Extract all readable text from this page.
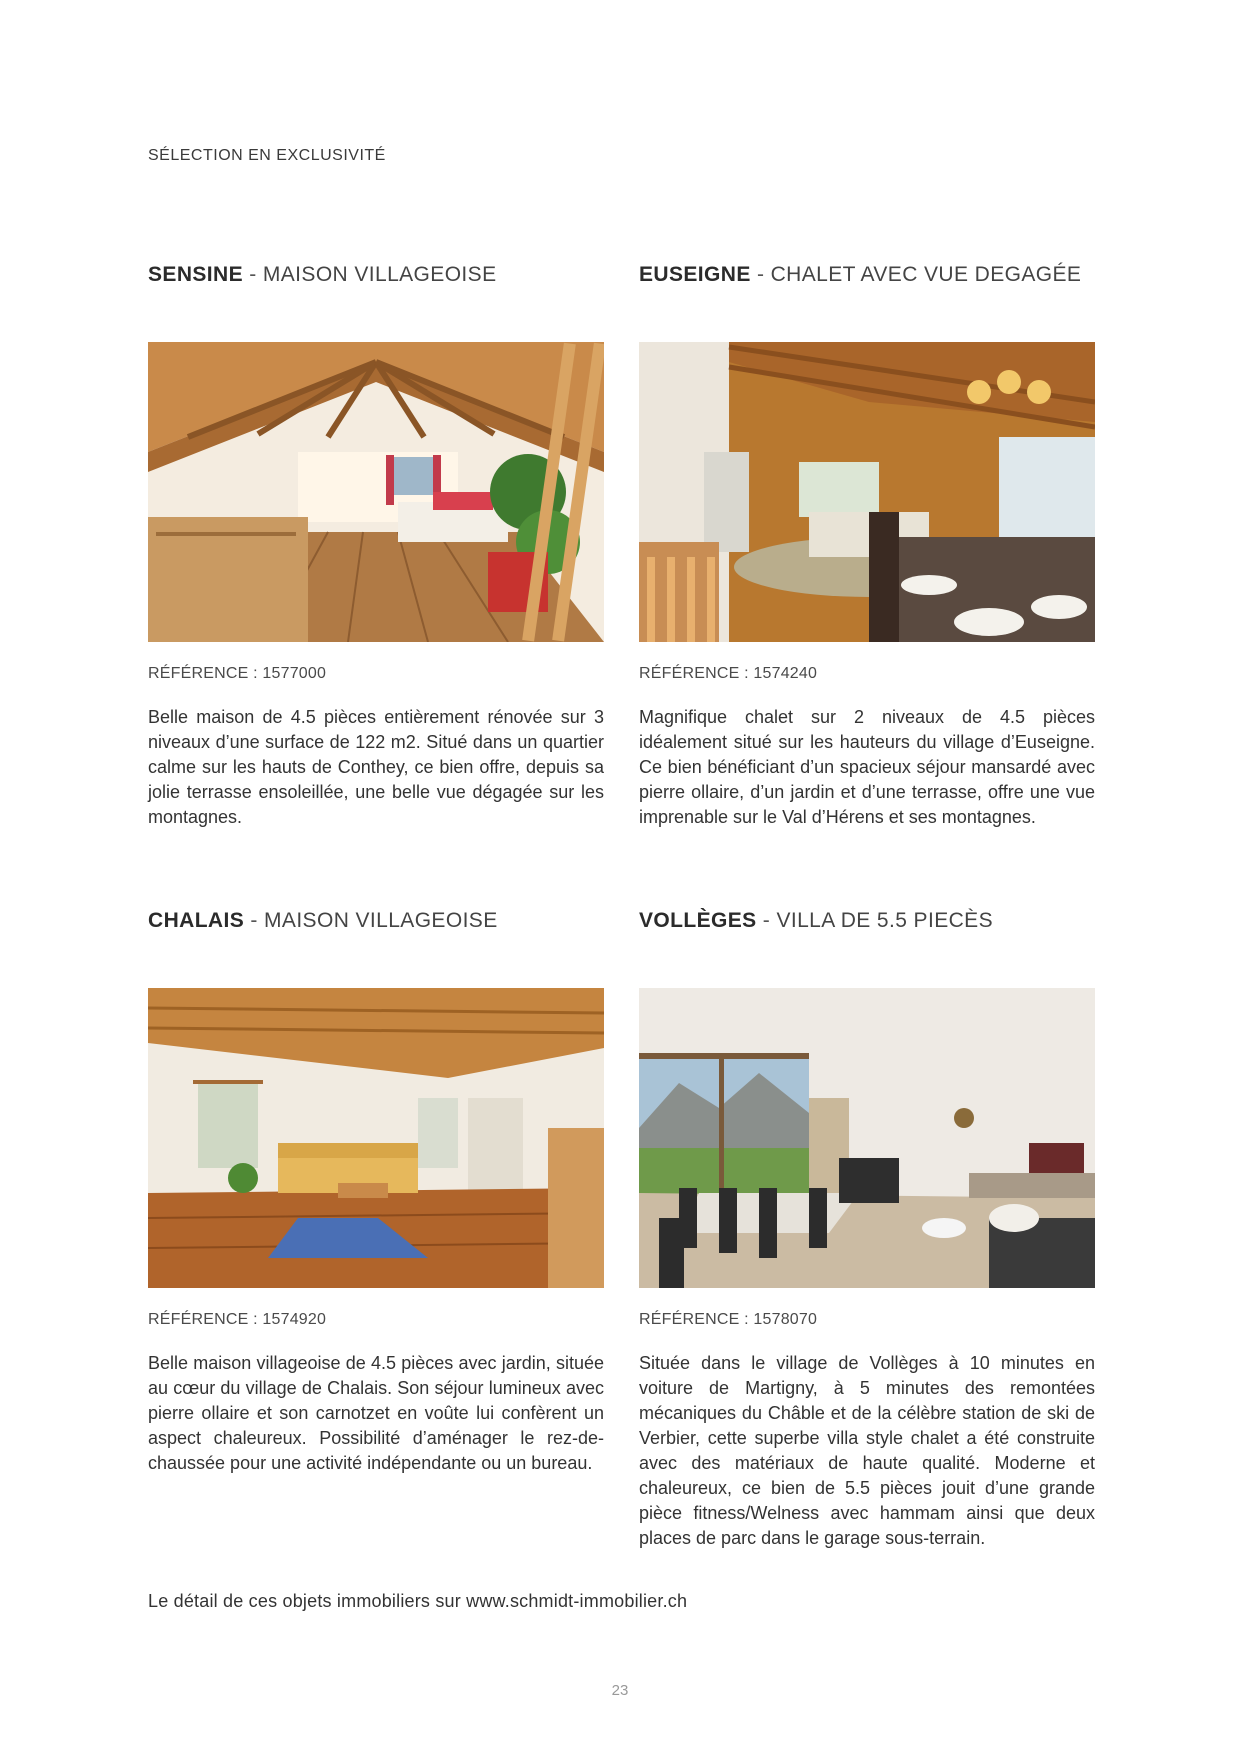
SÉLECTION EN EXCLUSIVITÉ
SENSINE - MAISON VILLAGEOISE
RÉFÉRENCE : 1577000

Belle maison de 4.5 pièces entièrement rénovée sur 3 niveaux d’une surface de 122 m2. Situé dans un quartier calme sur les hauts de Conthey, ce bien offre, depuis sa jolie terrasse ensoleillée, une belle vue dégagée sur les montagnes.

EUSEIGNE - CHALET AVEC VUE DEGAGÉE
RÉFÉRENCE : 1574240

Magnifique chalet sur 2 niveaux de 4.5 pièces idéalement situé sur les hauteurs du village d’Euseigne. Ce bien bénéficiant d’un spacieux séjour mansardé avec pierre ollaire, d’un jardin et d’une terrasse, offre une vue imprenable sur le Val d’Hérens et ses montagnes.

CHALAIS - MAISON VILLAGEOISE
RÉFÉRENCE : 1574920

Belle maison villageoise de 4.5 pièces avec jardin, située au cœur du village de Chalais. Son séjour lumineux avec pierre ollaire et son carnotzet en voûte lui confèrent un aspect chaleureux. Possibilité d’aménager le rez-de-chaussée pour une activité indépendante ou un bureau.

VOLLÈGES - VILLA DE 5.5 PIECÈS
RÉFÉRENCE : 1578070

Située dans le village de Vollèges à 10 minutes en voiture de Martigny, à 5 minutes des remontées mécaniques du Châble et de la célèbre station de ski de Verbier, cette superbe villa style chalet a été construite avec des matériaux de haute qualité. Moderne et chaleureux, ce bien de 5.5 pièces jouit d’une grande pièce fitness/Welness avec hammam ainsi que deux places de parc dans le garage sous-terrain.

Le détail de ces objets immobiliers sur www.schmidt-immobilier.ch
23
